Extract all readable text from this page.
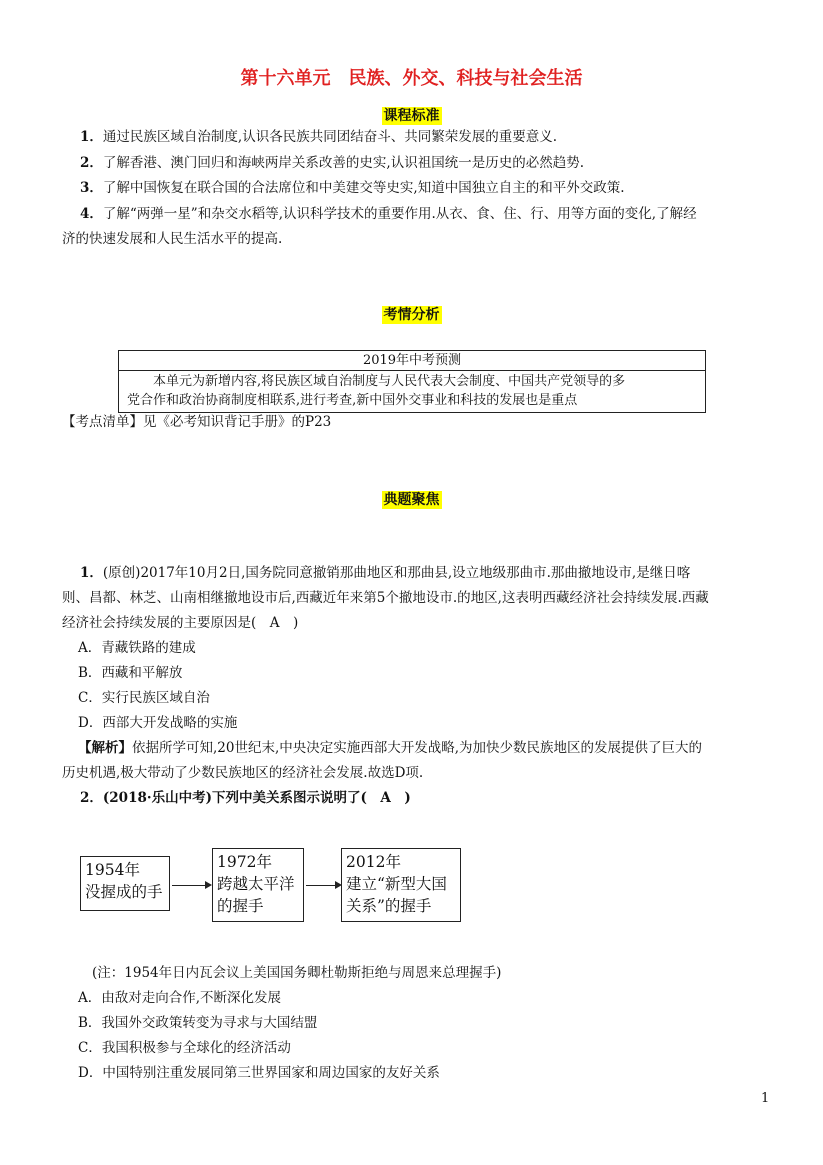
第十六单元　民族、外交、科技与社会生活
课程标准
1．通过民族区域自治制度,认识各民族共同团结奋斗、共同繁荣发展的重要意义.
2．了解香港、澳门回归和海峡两岸关系改善的史实,认识祖国统一是历史的必然趋势.
3．了解中国恢复在联合国的合法席位和中美建交等史实,知道中国独立自主的和平外交政策.
4．了解“两弹一星”和杂交水稻等,认识科学技术的重要作用.从衣、食、住、行、用等方面的变化,了解经
济的快速发展和人民生活水平的提高.
考情分析
2019年中考预测
本单元为新增内容,将民族区域自治制度与人民代表大会制度、中国共产党领导的多
党合作和政治协商制度相联系,进行考查,新中国外交事业和科技的发展也是重点
【考点清单】见《必考知识背记手册》的P23
典题聚焦
1．(原创)2017年10月2日,国务院同意撤销那曲地区和那曲县,设立地级那曲市.那曲撤地设市,是继日喀
则、昌都、林芝、山南相继撤地设市后,西藏近年来第5个撤地设市.的地区,这表明西藏经济社会持续发展.西藏
经济社会持续发展的主要原因是(　A　)
A．青藏铁路的建成
B．西藏和平解放
C．实行民族区域自治
D．西部大开发战略的实施
【解析】依据所学可知,20世纪末,中央决定实施西部大开发战略,为加快少数民族地区的发展提供了巨大的
历史机遇,极大带动了少数民族地区的经济社会发展.故选D项.
2．(2018·乐山中考)下列中美关系图示说明了(　A　)
1954年
没握成的手
1972年
跨越太平洋
的握手
2012年
建立“新型大国
关系”的握手
(注：1954年日内瓦会议上美国国务卿杜勒斯拒绝与周恩来总理握手)
A．由敌对走向合作,不断深化发展
B．我国外交政策转变为寻求与大国结盟
C．我国积极参与全球化的经济活动
D．中国特别注重发展同第三世界国家和周边国家的友好关系
1
